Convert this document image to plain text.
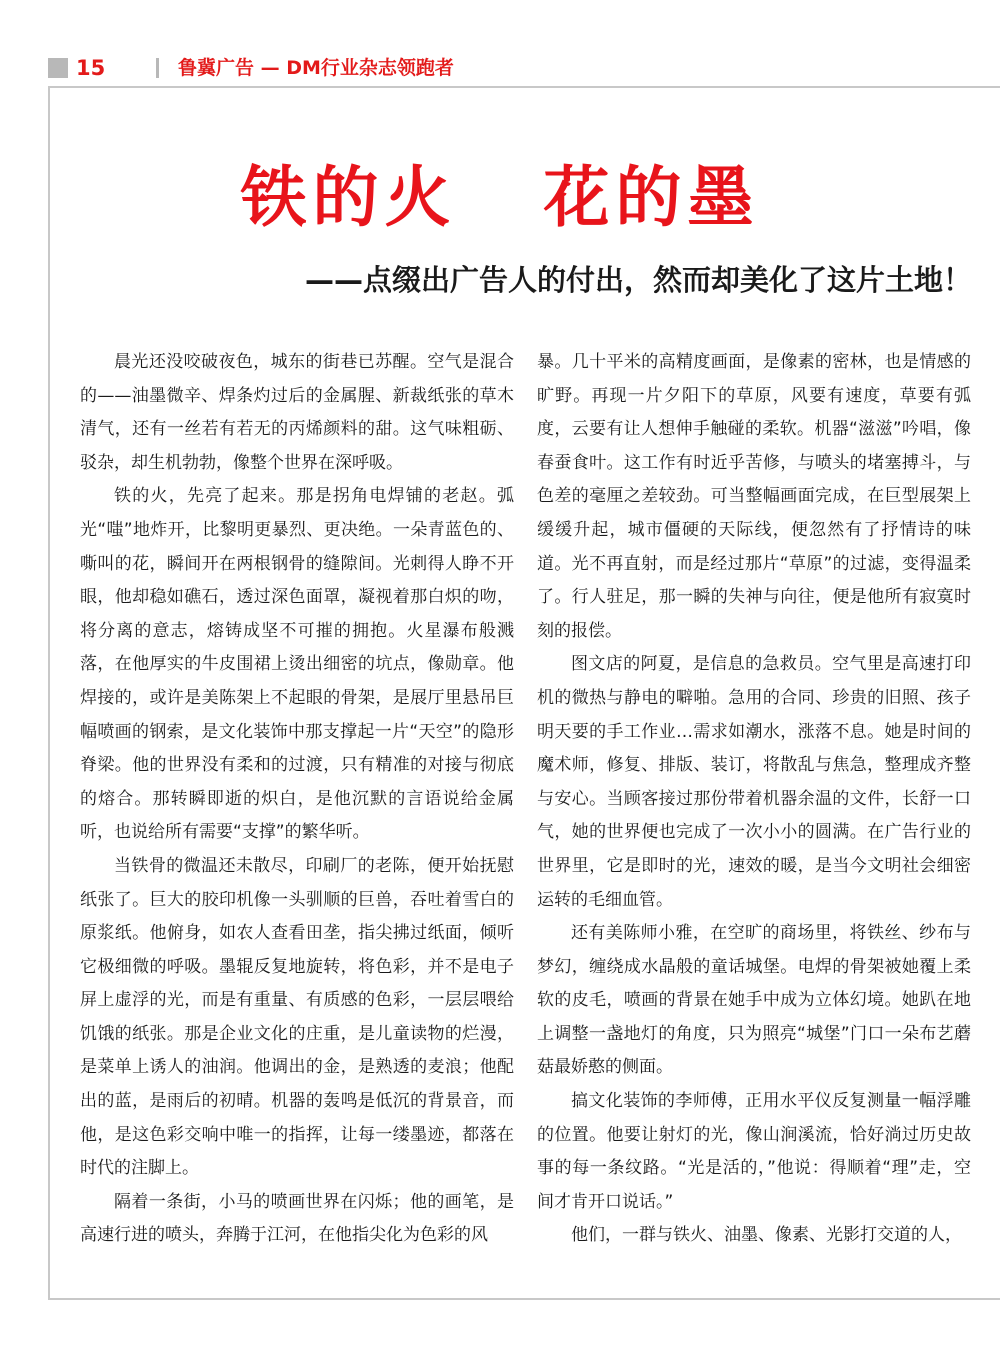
15	鲁冀广告 — DM行业杂志领跑者
铁的火   花的墨
——点缀出广告人的付出，然而却美化了这片土地！

晨光还没咬破夜色，城东的街巷已苏醒。空气是混合的——油墨微辛、焊条灼过后的金属腥、新裁纸张的草木清气，还有一丝若有若无的丙烯颜料的甜。这气味粗砺、驳杂，却生机勃勃，像整个世界在深呼吸。

铁的火，先亮了起来。那是拐角电焊铺的老赵。弧光“嗤”地炸开，比黎明更暴烈、更决绝。一朵青蓝色的、嘶叫的花，瞬间开在两根钢骨的缝隙间。光刺得人睁不开眼，他却稳如礁石，透过深色面罩，凝视着那白炽的吻，将分离的意志，熔铸成坚不可摧的拥抱。火星瀑布般溅落，在他厚实的牛皮围裙上烫出细密的坑点，像勋章。他焊接的，或许是美陈架上不起眼的骨架，是展厅里悬吊巨幅喷画的钢索，是文化装饰中那支撑起一片“天空”的隐形脊梁。他的世界没有柔和的过渡，只有精准的对接与彻底的熔合。那转瞬即逝的炽白，是他沉默的言语说给金属听，也说给所有需要“支撑”的繁华听。

当铁骨的微温还未散尽，印刷厂的老陈，便开始抚慰纸张了。巨大的胶印机像一头驯顺的巨兽，吞吐着雪白的原浆纸。他俯身，如农人查看田垄，指尖拂过纸面，倾听它极细微的呼吸。墨辊反复地旋转，将色彩，并不是电子屏上虚浮的光，而是有重量、有质感的色彩，一层层喂给饥饿的纸张。那是企业文化的庄重，是儿童读物的烂漫，是菜单上诱人的油润。他调出的金，是熟透的麦浪；他配出的蓝，是雨后的初晴。机器的轰鸣是低沉的背景音，而他，是这色彩交响中唯一的指挥，让每一缕墨迹，都落在时代的注脚上。

隔着一条街，小马的喷画世界在闪烁；他的画笔，是高速行进的喷头，奔腾于江河，在他指尖化为色彩的风

暴。几十平米的高精度画面，是像素的密林，也是情感的旷野。再现一片夕阳下的草原，风要有速度，草要有弧度，云要有让人想伸手触碰的柔软。机器“滋滋”吟唱，像春蚕食叶。这工作有时近乎苦修，与喷头的堵塞搏斗，与色差的毫厘之差较劲。可当整幅画面完成，在巨型展架上缓缓升起，城市僵硬的天际线，便忽然有了抒情诗的味道。光不再直射，而是经过那片“草原”的过滤，变得温柔了。行人驻足，那一瞬的失神与向往，便是他所有寂寞时刻的报偿。

图文店的阿夏，是信息的急救员。空气里是高速打印机的微热与静电的噼啪。急用的合同、珍贵的旧照、孩子明天要的手工作业…需求如潮水，涨落不息。她是时间的魔术师，修复、排版、装订，将散乱与焦急，整理成齐整与安心。当顾客接过那份带着机器余温的文件，长舒一口气，她的世界便也完成了一次小小的圆满。在广告行业的世界里，它是即时的光，速效的暖，是当今文明社会细密运转的毛细血管。

还有美陈师小雅，在空旷的商场里，将铁丝、纱布与梦幻，缠绕成水晶般的童话城堡。电焊的骨架被她覆上柔软的皮毛，喷画的背景在她手中成为立体幻境。她趴在地上调整一盏地灯的角度，只为照亮“城堡”门口一朵布艺蘑菇最娇憨的侧面。

搞文化装饰的李师傅，正用水平仪反复测量一幅浮雕的位置。他要让射灯的光，像山涧溪流，恰好淌过历史故事的每一条纹路。“光是活的，”他说：得顺着“理”走，空间才肯开口说话。”

他们，一群与铁火、油墨、像素、光影打交道的人，
